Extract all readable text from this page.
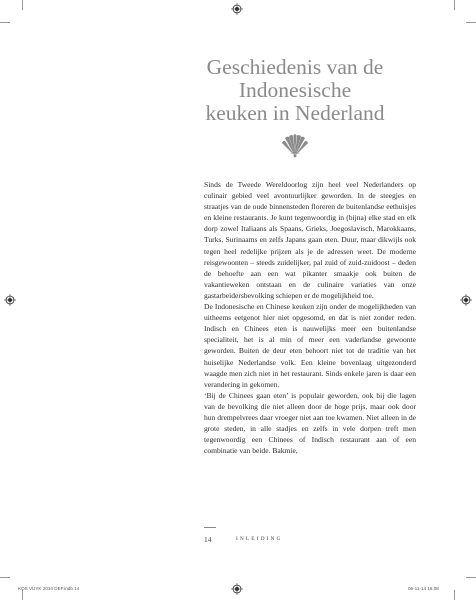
Geschiedenis van de
Indonesische
keuken in Nederland

Sinds de Tweede Wereldoorlog zijn heel veel Nederlanders op culinair gebied veel avontuurlijker geworden. In de steegjes en straatjes van de oude binnensteden floreren de buitenlandse eethuisjes en kleine restaurants. Je kunt tegenwoordig in (bijna) elke stad en elk dorp zowel Italiaans als Spaans, Grieks, Joegoslavisch, Marokkaans, Turks, Surinaams en zelfs Japans gaan eten. Duur, maar dikwijls ook tegen heel redelijke prijzen als je de adressen weet. De moderne reisgewoonten – steeds zuidelijker, pal zuid of zuid-zuidoost – deden de behoefte aan een wat pikanter smaakje ook buiten de vakantieweken ontstaan en de culinaire variaties van onze gastarbeidersbevolking schiepen er de mogelijkheid toe.

De Indonesische en Chinese keuken zijn onder de mogelijkheden van uitheems eetgenot hier niet opgesomd, en dat is niet zonder reden. Indisch en Chinees eten is nauwelijks meer een buitenlandse specialiteit, het is al min of meer een vaderlandse gewoonte geworden. Buiten de deur eten behoort niet tot de traditie van het huiselijke Nederlandse volk. Een kleine bovenlaag uitgezonderd waagde men zich niet in het restaurant. Sinds enkele jaren is daar een verandering in gekomen.

‘Bij de Chinees gaan eten’ is populair geworden, ook bij die lagen van de bevolking die niet alleen door de hoge prijs, maar ook door hun drempelvrees daar vroeger niet aan toe kwamen. Niet alleen in de grote steden, in alle stadjes en zelfs in vele dorpen treft men tegenwoordig een Chinees of Indisch restaurant aan of een combinatie van beide. Bakmie,

14	INLEIDING
KOS VUYK 2014 DEF.indb 14	06-11-14 16:08
